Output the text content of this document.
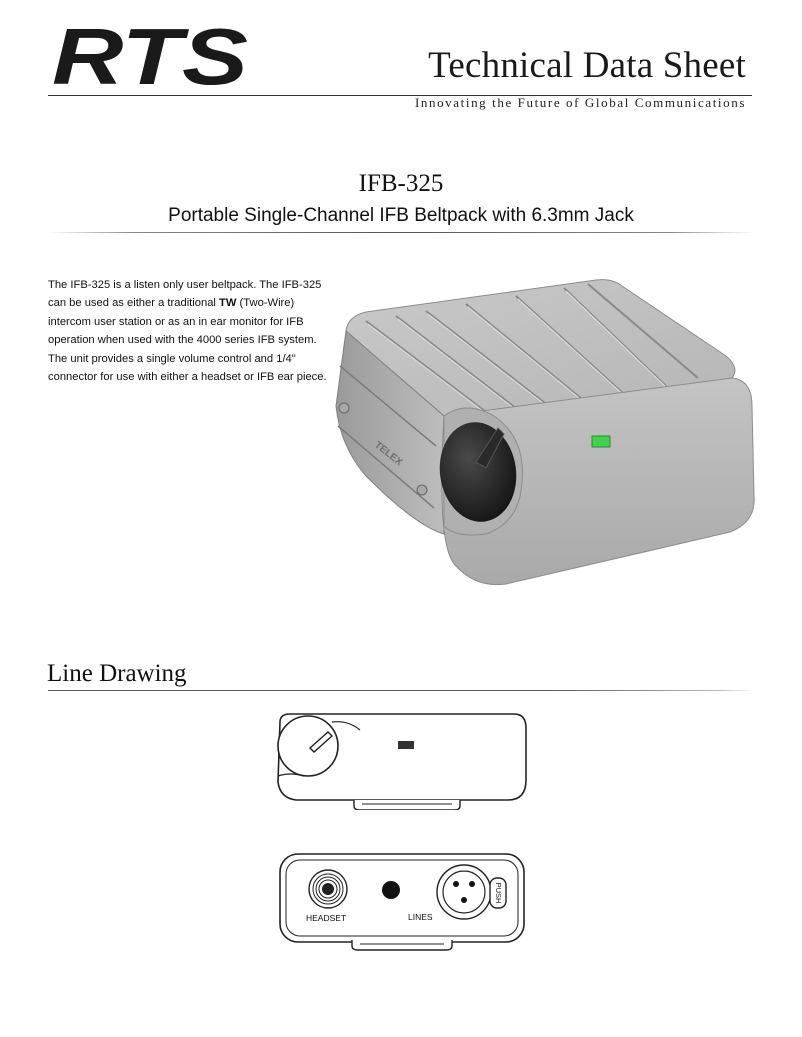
RTS	Technical Data Sheet
Innovating the Future of Global Communications
IFB-325
Portable Single-Channel IFB Beltpack with 6.3mm Jack
The IFB-325 is a listen only user beltpack. The IFB-325 can be used as either a traditional TW (Two-Wire) intercom user station or as an in ear monitor for IFB operation when used with the 4000 series IFB system. The unit provides a single volume control and 1/4" connector for use with either a headset or IFB ear piece.
TELEX
Line Drawing
PUSH
HEADSET	LINES
